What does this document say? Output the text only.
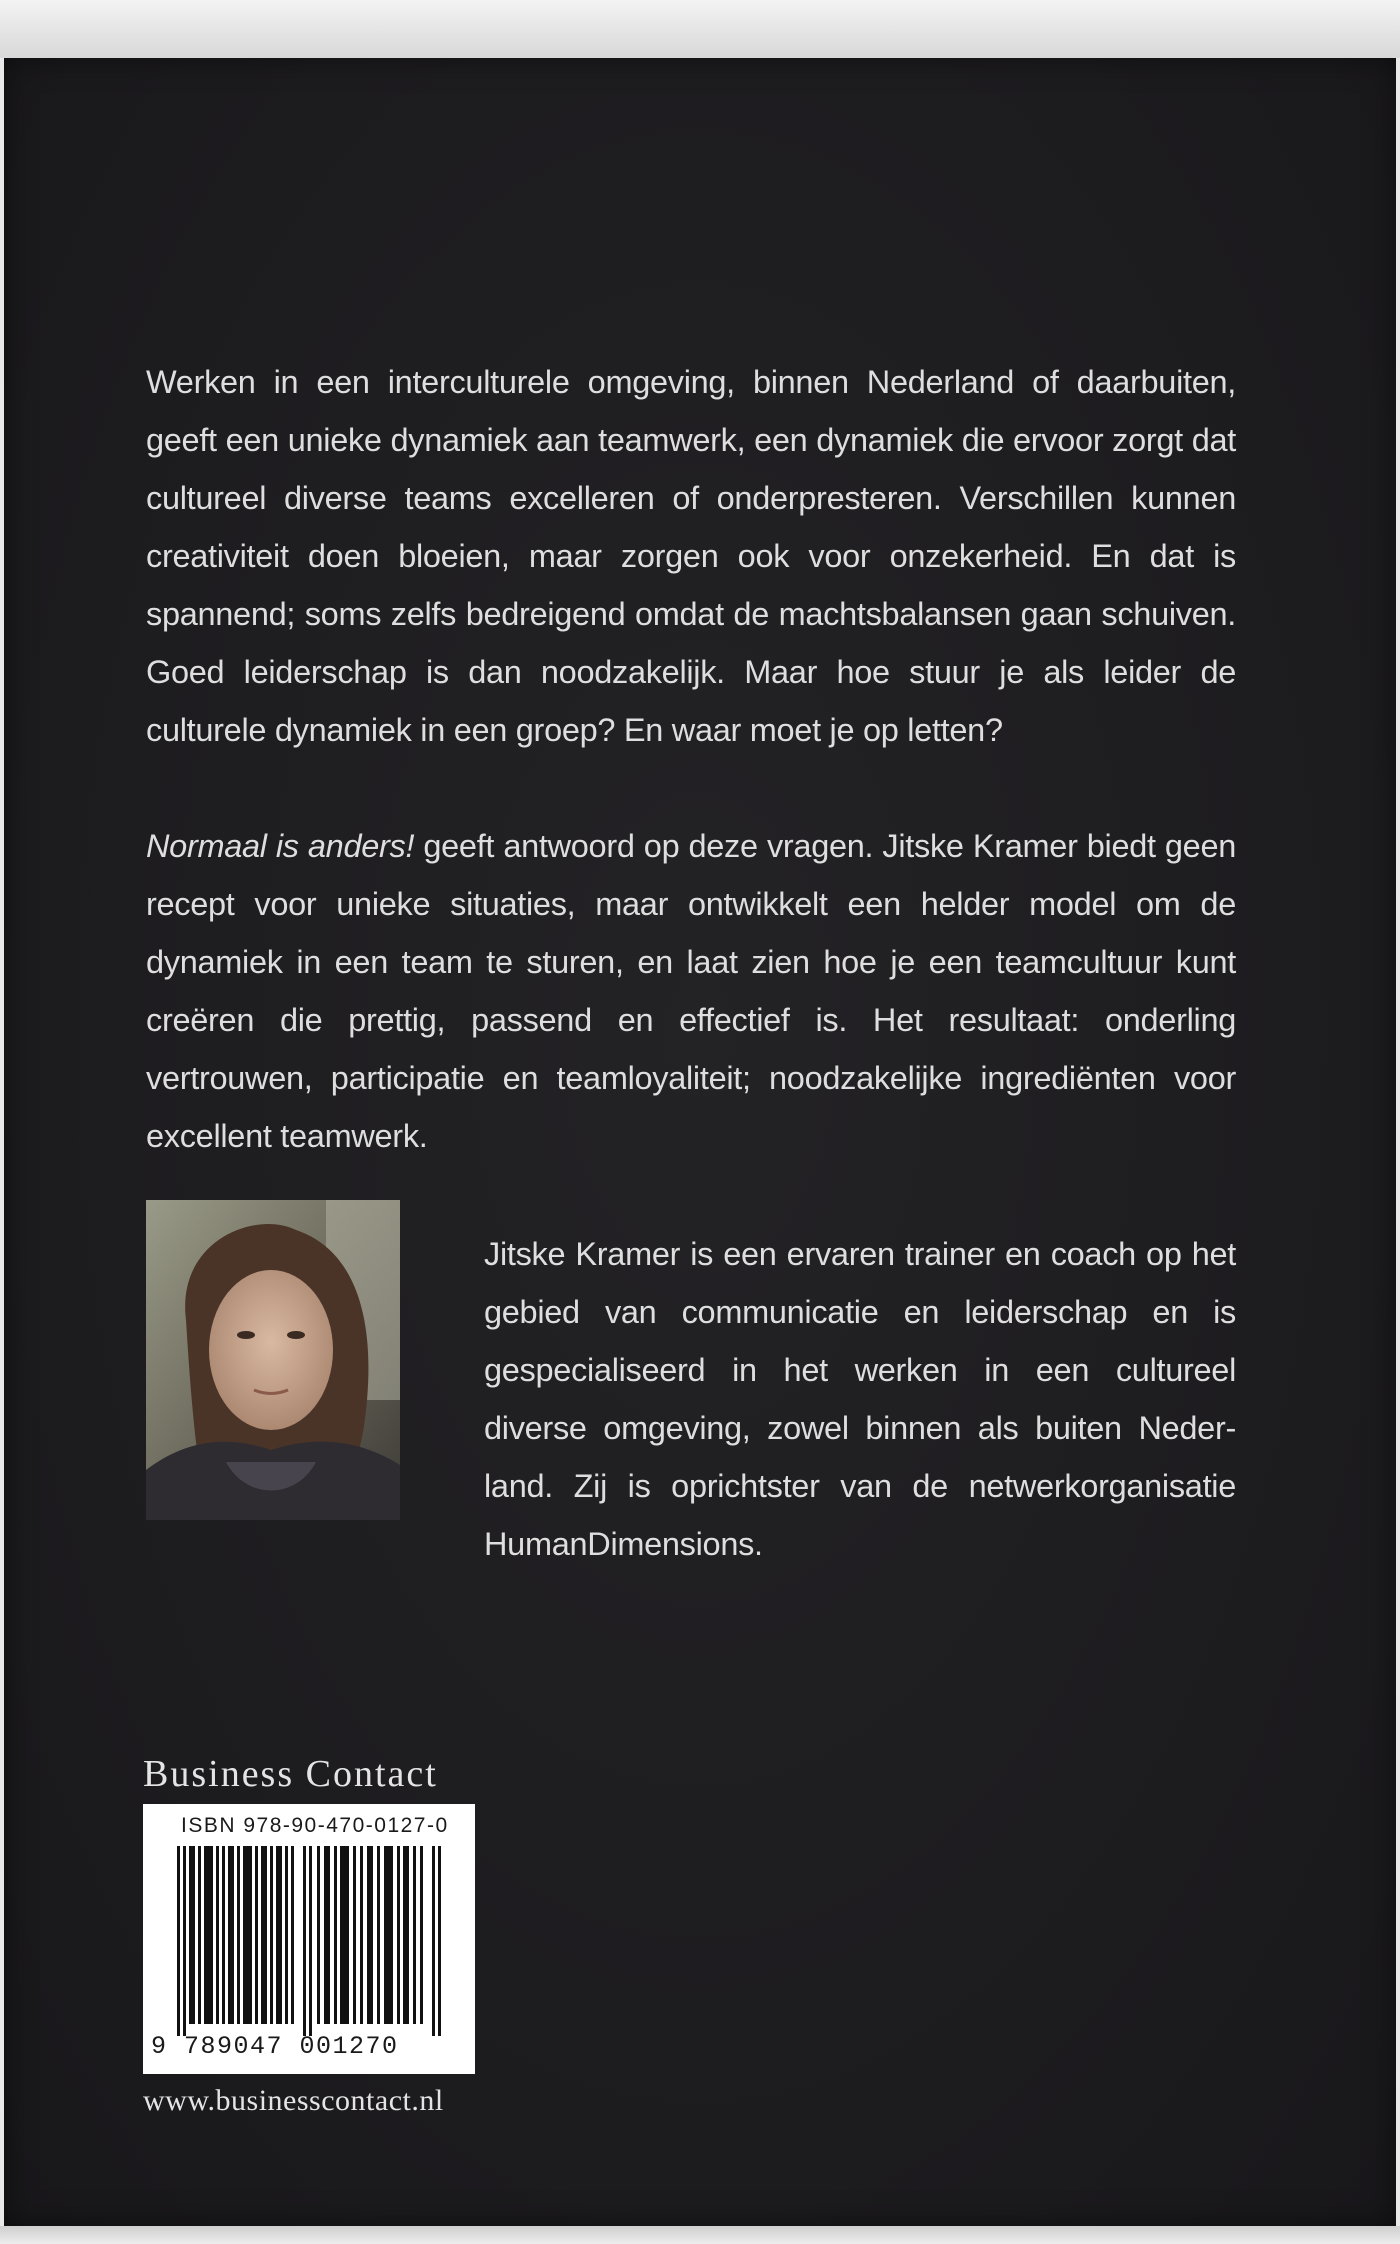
Werken in een interculturele omgeving, binnen Nederland of daarbuiten, geeft een unieke dynamiek aan teamwerk, een dynamiek die ervoor zorgt dat cultureel diverse teams excelleren of onderpresteren. Verschillen kunnen creativiteit doen bloeien, maar zorgen ook voor onzekerheid. En dat is spannend; soms zelfs bedreigend omdat de machtsbalansen gaan schuiven. Goed leiderschap is dan noodzakelijk. Maar hoe stuur je als leider de culturele dynamiek in een groep? En waar moet je op letten?

Normaal is anders! geeft antwoord op deze vragen. Jitske Kramer biedt geen recept voor unieke situaties, maar ontwikkelt een helder model om de dynamiek in een team te sturen, en laat zien hoe je een teamcultuur kunt creëren die prettig, passend en effectief is. Het resultaat: onderling vertrouwen, participatie en teamloyaliteit; noodzakelijke ingrediënten voor excellent teamwerk.

Jitske Kramer is een ervaren trainer en coach op het gebied van communicatie en leiderschap en is gespecialiseerd in het werken in een cultureel diverse omgeving, zowel binnen als buiten Neder-land. Zij is oprichtster van de netwerkorganisatie HumanDimensions.

Business Contact
ISBN 978-90-470-0127-0
9 789047 001270
www.businesscontact.nl
